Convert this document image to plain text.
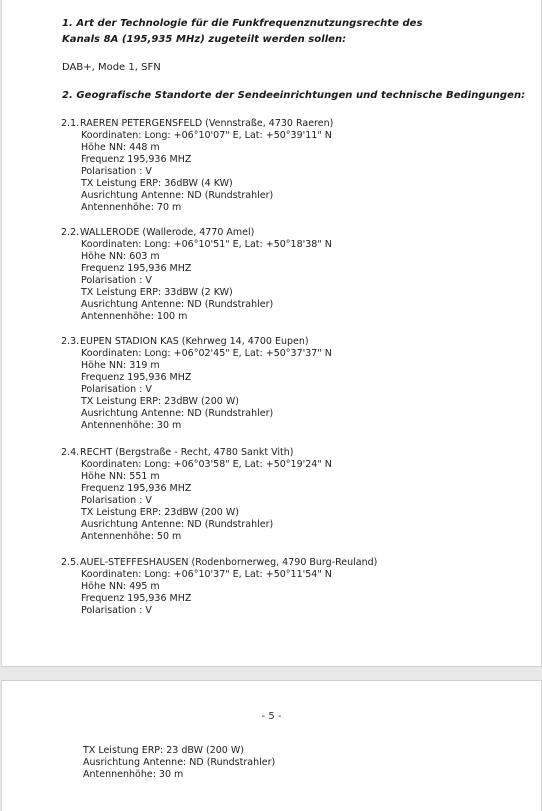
1. Art der Technologie für die Funkfrequenznutzungsrechte des Kanals 8A (195,935 MHz) zugeteilt werden sollen:
DAB+, Mode 1, SFN
2. Geografische Standorte der Sendeeinrichtungen und technische Bedingungen:
2.1.RAEREN PETERGENSFELD (Vennstraße, 4730 Raeren)
Koordinaten: Long: +06°10'07" E, Lat: +50°39'11" N
Höhe NN: 448 m
Frequenz 195,936 MHZ
Polarisation : V
TX Leistung ERP: 36dBW (4 KW)
Ausrichtung Antenne: ND (Rundstrahler)
Antennenhöhe: 70 m
2.2.WALLERODE (Wallerode, 4770 Amel)
Koordinaten: Long: +06°10'51" E, Lat: +50°18'38" N
Höhe NN: 603 m
Frequenz 195,936 MHZ
Polarisation : V
TX Leistung ERP: 33dBW (2 KW)
Ausrichtung Antenne: ND (Rundstrahler)
Antennenhöhe: 100 m
2.3.EUPEN STADION KAS (Kehrweg 14, 4700 Eupen)
Koordinaten: Long: +06°02'45" E, Lat: +50°37'37" N
Höhe NN: 319 m
Frequenz 195,936 MHZ
Polarisation : V
TX Leistung ERP: 23dBW (200 W)
Ausrichtung Antenne: ND (Rundstrahler)
Antennenhöhe: 30 m
2.4.RECHT (Bergstraße - Recht, 4780 Sankt Vith)
Koordinaten: Long: +06°03'58" E, Lat: +50°19'24" N
Höhe NN: 551 m
Frequenz 195,936 MHZ
Polarisation : V
TX Leistung ERP: 23dBW (200 W)
Ausrichtung Antenne: ND (Rundstrahler)
Antennenhöhe: 50 m
2.5.AUEL-STEFFESHAUSEN (Rodenbornerweg, 4790 Burg-Reuland)
Koordinaten: Long: +06°10'37" E, Lat: +50°11'54" N
Höhe NN: 495 m
Frequenz 195,936 MHZ
Polarisation : V
- 5 -
TX Leistung ERP: 23 dBW (200 W)
Ausrichtung Antenne: ND (Rundstrahler)
Antennenhöhe: 30 m
